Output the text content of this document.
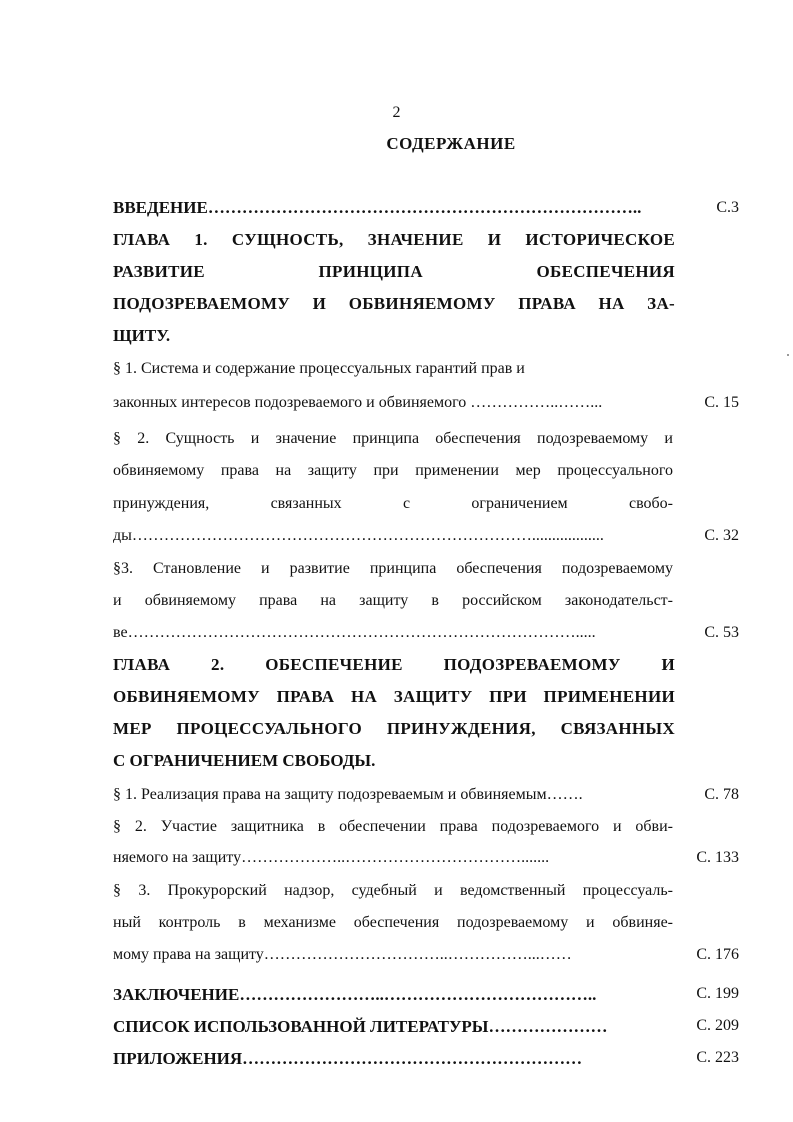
2
СОДЕРЖАНИЕ
ВВЕДЕНИЕ…………………………………………………………………..	С.3
ГЛАВА 1. СУЩНОСТЬ, ЗНАЧЕНИЕ И ИСТОРИЧЕСКОЕ
РАЗВИТИЕ ПРИНЦИПА ОБЕСПЕЧЕНИЯ
ПОДОЗРЕВАЕМОМУ И ОБВИНЯЕМОМУ ПРАВА НА ЗА-
ЩИТУ.
§ 1. Система и содержание процессуальных гарантий прав и
законных интересов подозреваемого и обвиняемого ……………..……...	С. 15
§ 2. Сущность и значение принципа обеспечения подозреваемому и
обвиняемому права на защиту при применении мер процессуального
принуждения, связанных с ограничением свобо-
ды…………………………………………………………………..................	С. 32
§3. Становление и развитие принципа обеспечения подозреваемому
и обвиняемому права на защиту в российском законодательст-
ве………………………………………………………………………….....	С. 53
ГЛАВА 2. ОБЕСПЕЧЕНИЕ ПОДОЗРЕВАЕМОМУ И
ОБВИНЯЕМОМУ ПРАВА НА ЗАЩИТУ ПРИ ПРИМЕНЕНИИ
МЕР ПРОЦЕССУАЛЬНОГО ПРИНУЖДЕНИЯ, СВЯЗАННЫХ
С ОГРАНИЧЕНИЕМ СВОБОДЫ.
§ 1. Реализация права на защиту подозреваемым и обвиняемым…….	С. 78
§ 2. Участие защитника в обеспечении права подозреваемого и обви-
няемого на защиту………………..…………………………….......	С. 133
§ 3. Прокурорский надзор, судебный и ведомственный процессуаль-
ный контроль в механизме обеспечения подозреваемому и обвиняе-
мому права на защиту……………………………..……………...……	С. 176
ЗАКЛЮЧЕНИЕ……………………..………………………………..	С. 199
СПИСОК ИСПОЛЬЗОВАННОЙ ЛИТЕРАТУРЫ…………………	С. 209
ПРИЛОЖЕНИЯ……………………………………………………	С. 223
